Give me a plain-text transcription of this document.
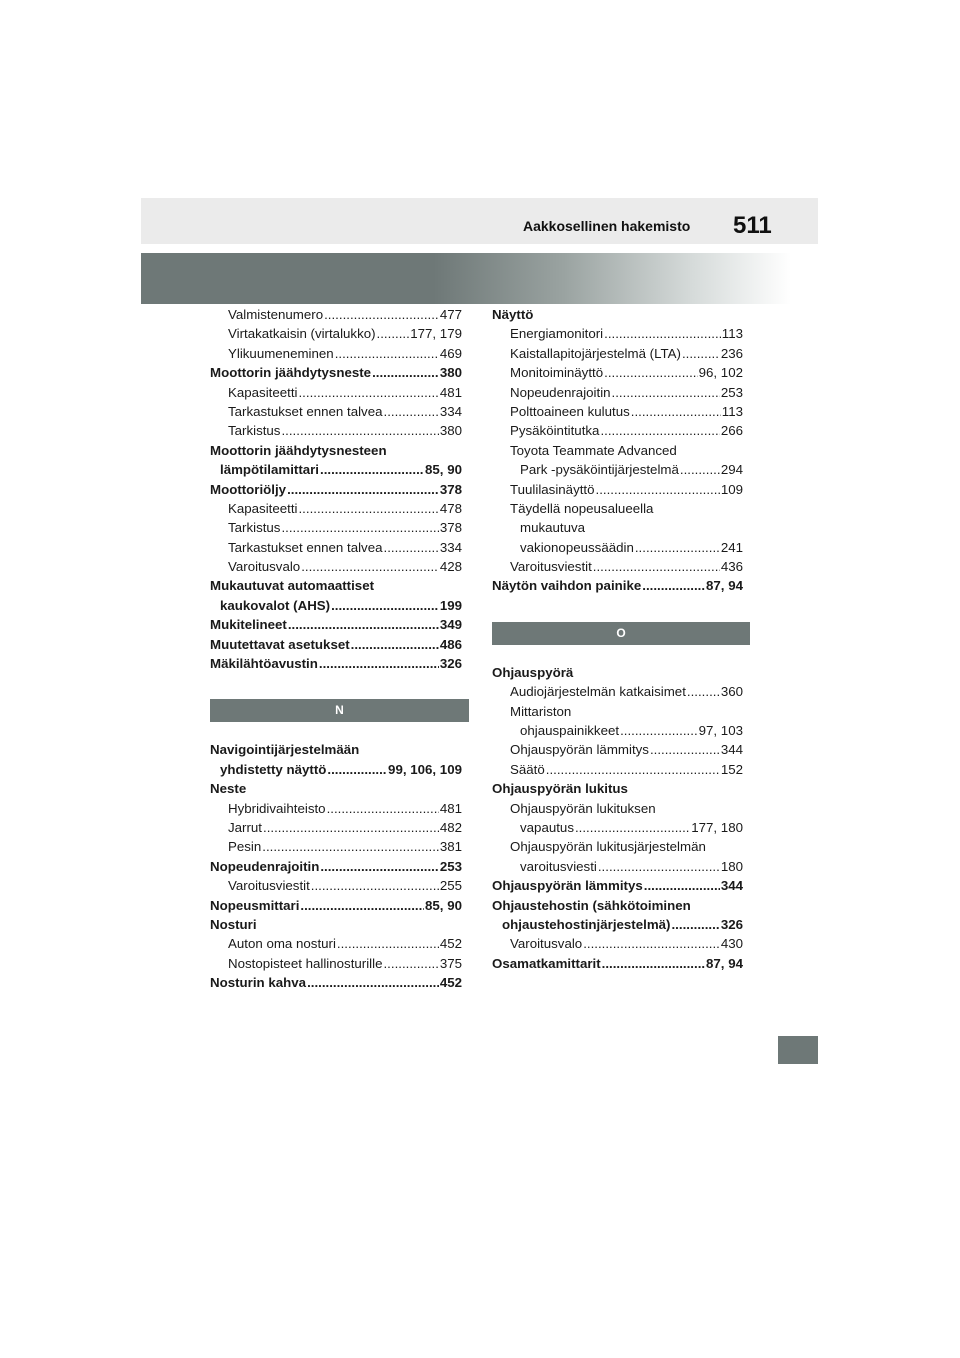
Aakkosellinen hakemisto 511
Valmistenumero .....	477
Virtakatkaisin (virtalukko) .....	177, 179
Ylikuumeneminen .....	469
Moottorin jäähdytysneste .....	380
Kapasiteetti .....	481
Tarkastukset ennen talvea .....	334
Tarkistus .....	380
Moottorin jäähdytysnesteen
lämpötilamittari .....	85, 90
Moottoriöljy .....	378
Kapasiteetti .....	478
Tarkistus .....	378
Tarkastukset ennen talvea .....	334
Varoitusvalo .....	428
Mukautuvat automaattiset
kaukovalot (AHS) .....	199
Mukitelineet .....	349
Muutettavat asetukset .....	486
Mäkilähtöavustin .....	326
N
Navigointijärjestelmään
yhdistetty näyttö .....	99, 106, 109
Neste
Hybridivaihteisto .....	481
Jarrut .....	482
Pesin .....	381
Nopeudenrajoitin .....	253
Varoitusviestit .....	255
Nopeusmittari .....	85, 90
Nosturi
Auton oma nosturi .....	452
Nostopisteet hallinosturille .....	375
Nosturin kahva .....	452
Näyttö
Energiamonitori .....	113
Kaistallapitojärjestelmä (LTA) .....	236
Monitoiminäyttö .....	96, 102
Nopeudenrajoitin .....	253
Polttoaineen kulutus .....	113
Pysäköintitutka .....	266
Toyota Teammate Advanced
Park -pysäköintijärjestelmä .....	294
Tuulilasinäyttö .....	109
Täydellä nopeusalueella
mukautuva
vakionopeussäädin .....	241
Varoitusviestit .....	436
Näytön vaihdon painike .....	87, 94
O
Ohjauspyörä
Audiojärjestelmän katkaisimet .....	360
Mittariston
ohjauspainikkeet .....	97, 103
Ohjauspyörän lämmitys .....	344
Säätö .....	152
Ohjauspyörän lukitus
Ohjauspyörän lukituksen
vapautus .....	177, 180
Ohjauspyörän lukitusjärjestelmän
varoitusviesti .....	180
Ohjauspyörän lämmitys .....	344
Ohjaustehostin (sähkötoiminen
ohjaustehostinjärjestelmä) .....	326
Varoitusvalo .....	430
Osamatkamittarit .....	87, 94
